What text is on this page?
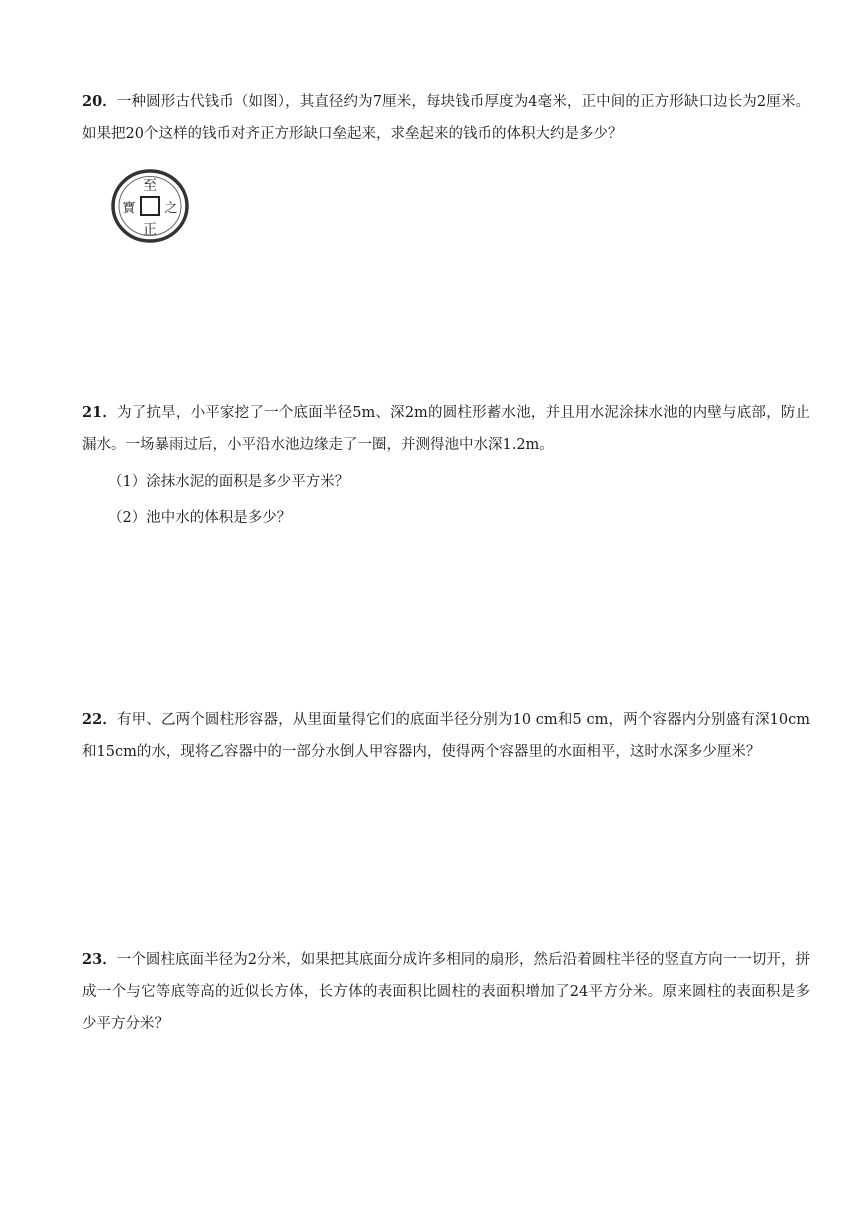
20．一种圆形古代钱币（如图），其直径约为7厘米，每块钱币厚度为4毫米，正中间的正方形缺口边长为2厘米。如果把20个这样的钱币对齐正方形缺口垒起来，求垒起来的钱币的体积大约是多少？

至
正
寶 之

21．为了抗旱，小平家挖了一个底面半径5m、深2m的圆柱形蓄水池，并且用水泥涂抹水池的内壁与底部，防止漏水。一场暴雨过后，小平沿水池边缘走了一圈，并测得池中水深1.2m。

（1）涂抹水泥的面积是多少平方米？

（2）池中水的体积是多少？

22．有甲、乙两个圆柱形容器，从里面量得它们的底面半径分别为10 cm和5 cm，两个容器内分别盛有深10cm和15cm的水，现将乙容器中的一部分水倒人甲容器内，使得两个容器里的水面相平，这时水深多少厘米？

23．一个圆柱底面半径为2分米，如果把其底面分成许多相同的扇形，然后沿着圆柱半径的竖直方向一一切开，拼成一个与它等底等高的近似长方体，长方体的表面积比圆柱的表面积增加了24平方分米。原来圆柱的表面积是多少平方分米？
